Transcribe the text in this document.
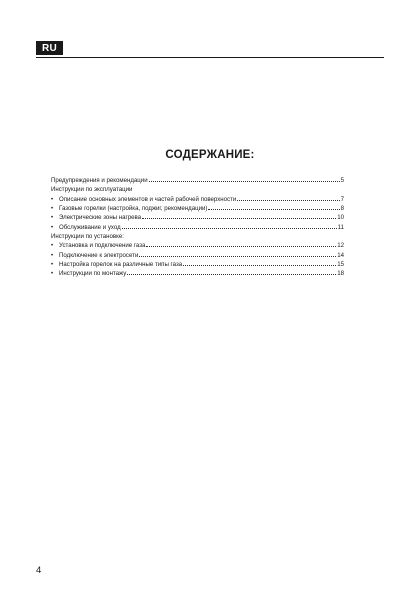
RU
СОДЕРЖАНИЕ:
Предупреждения и рекомендации	5
Инструкции по эксплуатации
• Описание основных элементов и частей рабочей поверхности	7
• Газовые горелки (настройка, поджиг, рекомендации)	8
• Электрические зоны нагрева	10
• Обслуживание и уход	11
Инструкции по установке:
• Установка и подключение газа	12
• Подключение к электросети	14
• Настройка горелок на различные типы газа	15
• Инструкции по монтажу	18
4
